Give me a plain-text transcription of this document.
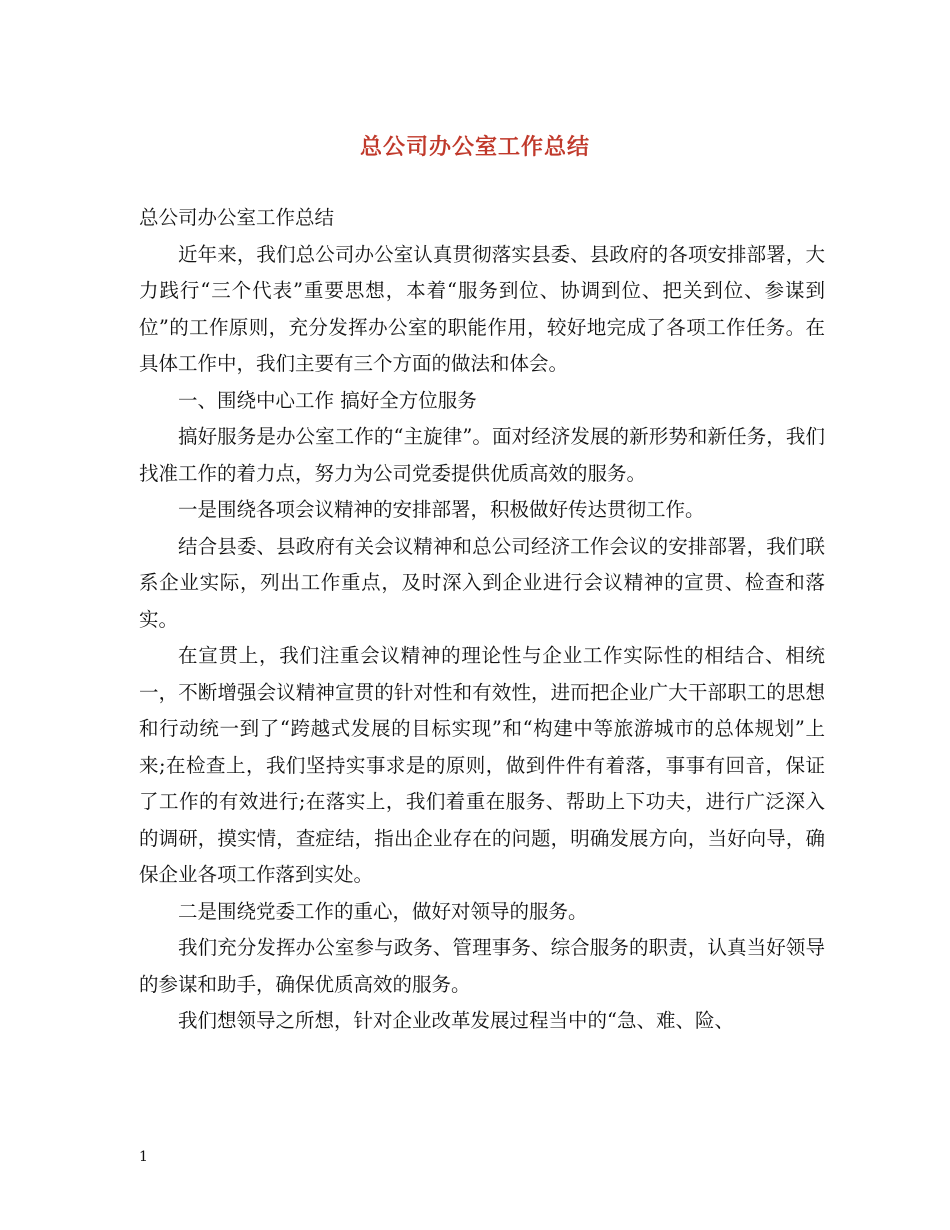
总公司办公室工作总结

总公司办公室工作总结

近年来，我们总公司办公室认真贯彻落实县委、县政府的各项安排部署，大力践行“三个代表”重要思想，本着“服务到位、协调到位、把关到位、参谋到位”的工作原则，充分发挥办公室的职能作用，较好地完成了各项工作任务。在具体工作中，我们主要有三个方面的做法和体会。

一、围绕中心工作 搞好全方位服务

搞好服务是办公室工作的“主旋律”。面对经济发展的新形势和新任务，我们找准工作的着力点，努力为公司党委提供优质高效的服务。

一是围绕各项会议精神的安排部署，积极做好传达贯彻工作。

结合县委、县政府有关会议精神和总公司经济工作会议的安排部署，我们联系企业实际，列出工作重点，及时深入到企业进行会议精神的宣贯、检查和落实。

在宣贯上，我们注重会议精神的理论性与企业工作实际性的相结合、相统一，不断增强会议精神宣贯的针对性和有效性，进而把企业广大干部职工的思想和行动统一到了“跨越式发展的目标实现”和“构建中等旅游城市的总体规划”上来;在检查上，我们坚持实事求是的原则，做到件件有着落，事事有回音，保证了工作的有效进行;在落实上，我们着重在服务、帮助上下功夫，进行广泛深入的调研，摸实情，查症结，指出企业存在的问题，明确发展方向，当好向导，确保企业各项工作落到实处。

二是围绕党委工作的重心，做好对领导的服务。

我们充分发挥办公室参与政务、管理事务、综合服务的职责，认真当好领导的参谋和助手，确保优质高效的服务。

我们想领导之所想，针对企业改革发展过程当中的“急、难、险、

1
